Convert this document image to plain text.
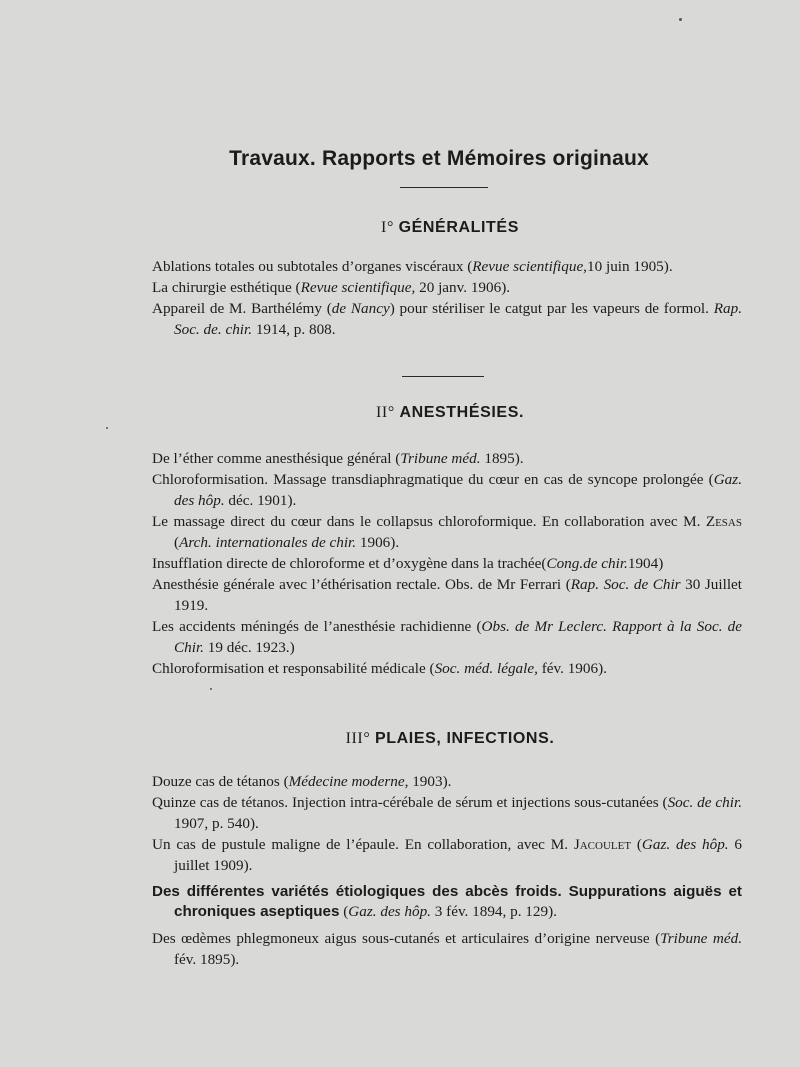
Travaux. Rapports et Mémoires originaux
I° GÉNÉRALITÉS

Ablations totales ou subtotales d’organes viscéraux (Revue scientifique,10 juin 1905).

La chirurgie esthétique (Revue scientifique, 20 janv. 1906).

Appareil de M. Barthélémy (de Nancy) pour stériliser le catgut par les vapeurs de formol. Rap. Soc. de. chir. 1914, p. 808.

II° ANESTHÉSIES.

De l’éther comme anesthésique général (Tribune méd. 1895).

Chloroformisation. Massage transdiaphragmatique du cœur en cas de syncope prolongée (Gaz. des hôp. déc. 1901).

Le massage direct du cœur dans le collapsus chloroformique. En collaboration avec M. Zesas (Arch. internationales de chir. 1906).

Insufflation directe de chloroforme et d’oxygène dans la trachée(Cong.de chir.1904)

Anesthésie générale avec l’éthérisation rectale. Obs. de Mr Ferrari (Rap. Soc. de Chir 30 Juillet 1919.

Les accidents méningés de l’anesthésie rachidienne (Obs. de Mr Leclerc. Rapport à la Soc. de Chir. 19 déc. 1923.)

Chloroformisation et responsabilité médicale (Soc. méd. légale, fév. 1906).

III° PLAIES, INFECTIONS.

Douze cas de tétanos (Médecine moderne, 1903).

Quinze cas de tétanos. Injection intra-cérébale de sérum et injections sous-cutanées (Soc. de chir. 1907, p. 540).

Un cas de pustule maligne de l’épaule. En collaboration, avec M. Jacoulet (Gaz. des hôp. 6 juillet 1909).

Des différentes variétés étiologiques des abcès froids. Suppurations aiguës et chroniques aseptiques (Gaz. des hôp. 3 fév. 1894, p. 129).

Des œdèmes phlegmoneux aigus sous-cutanés et articulaires d’origine nerveuse (Tribune méd. fév. 1895).
